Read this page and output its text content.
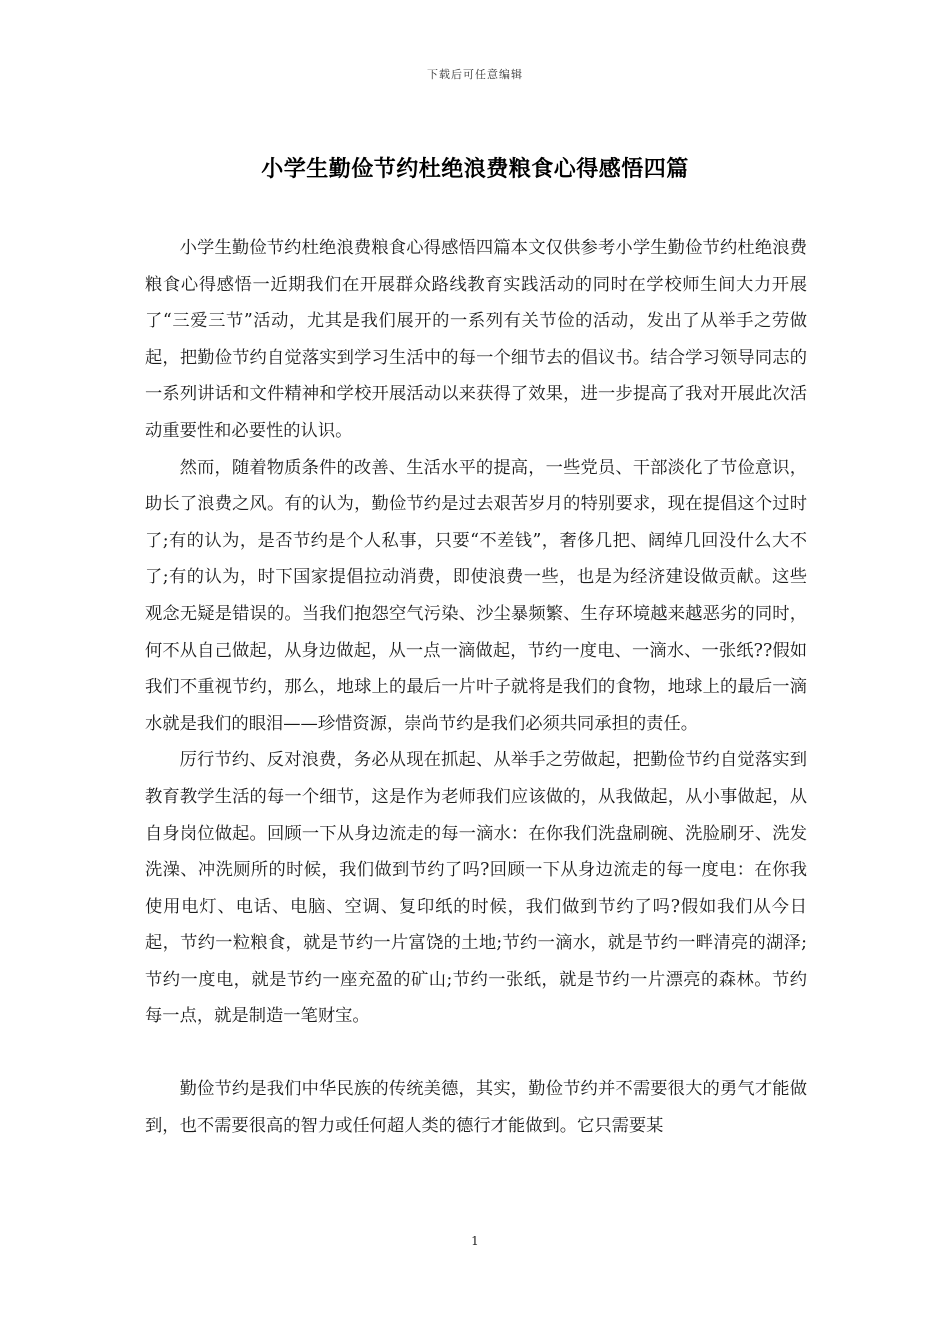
下载后可任意编辑
小学生勤俭节约杜绝浪费粮食心得感悟四篇

小学生勤俭节约杜绝浪费粮食心得感悟四篇本文仅供参考小学生勤俭节约杜绝浪费粮食心得感悟一近期我们在开展群众路线教育实践活动的同时在学校师生间大力开展了“三爱三节”活动，尤其是我们展开的一系列有关节俭的活动，发出了从举手之劳做起，把勤俭节约自觉落实到学习生活中的每一个细节去的倡议书。结合学习领导同志的一系列讲话和文件精神和学校开展活动以来获得了效果，进一步提高了我对开展此次活动重要性和必要性的认识。

然而，随着物质条件的改善、生活水平的提高，一些党员、干部淡化了节俭意识，助长了浪费之风。有的认为，勤俭节约是过去艰苦岁月的特别要求，现在提倡这个过时了;有的认为，是否节约是个人私事，只要“不差钱”，奢侈几把、阔绰几回没什么大不了;有的认为，时下国家提倡拉动消费，即使浪费一些，也是为经济建设做贡献。这些观念无疑是错误的。当我们抱怨空气污染、沙尘暴频繁、生存环境越来越恶劣的同时，何不从自己做起，从身边做起，从一点一滴做起，节约一度电、一滴水、一张纸??假如我们不重视节约，那么，地球上的最后一片叶子就将是我们的食物，地球上的最后一滴水就是我们的眼泪——珍惜资源，崇尚节约是我们必须共同承担的责任。

厉行节约、反对浪费，务必从现在抓起、从举手之劳做起，把勤俭节约自觉落实到教育教学生活的每一个细节，这是作为老师我们应该做的，从我做起，从小事做起，从自身岗位做起。回顾一下从身边流走的每一滴水：在你我们洗盘刷碗、洗脸刷牙、洗发洗澡、冲洗厕所的时候，我们做到节约了吗?回顾一下从身边流走的每一度电：在你我使用电灯、电话、电脑、空调、复印纸的时候，我们做到节约了吗?假如我们从今日起，节约一粒粮食，就是节约一片富饶的土地;节约一滴水，就是节约一畔清亮的湖泽;节约一度电，就是节约一座充盈的矿山;节约一张纸，就是节约一片漂亮的森林。节约每一点，就是制造一笔财宝。

勤俭节约是我们中华民族的传统美德，其实，勤俭节约并不需要很大的勇气才能做到，也不需要很高的智力或任何超人类的德行才能做到。它只需要某

1
